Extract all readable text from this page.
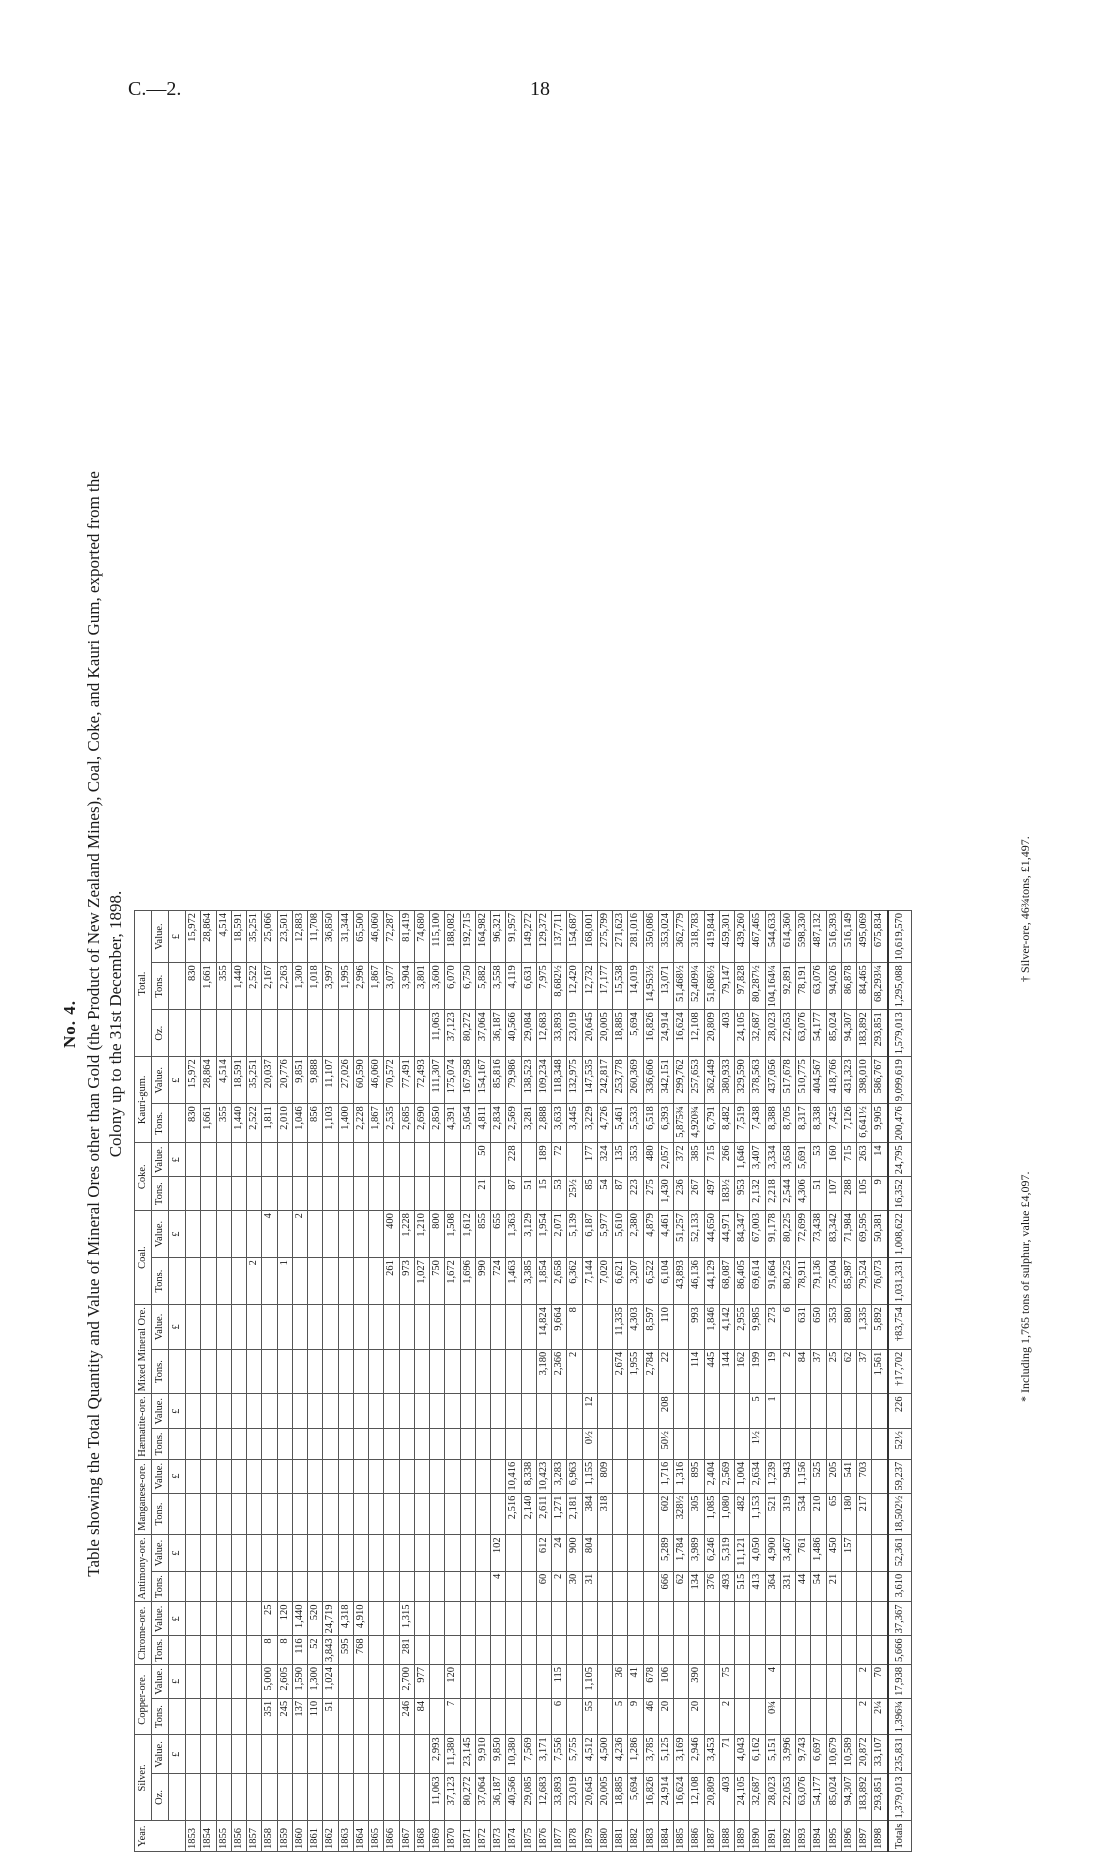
C.—2.	18
No. 4. Table showing the Total Quantity and Value of Mineral Ores other than Gold (the Product of New Zealand Mines), Coal, Coke, and Kauri Gum, exported from the Colony up to the 31st December, 1898.
Year.	Silver.		Copper-ore.		Chrome-ore.		Antimony-ore.		Manganese-ore.		Hæmatite-ore.		Mixed Mineral Ore.		Coal.		Coke.		Kauri-gum.		Total.		
	Oz.	Value.	Tons.	Value.	Tons.	Value.	Tons.	Value.	Tons.	Value.	Tons.	Value.	Tons.	Value.	Tons.	Value.	Tons.	Value.	Tons.	Value.	Oz.	Tons.	Value.
		£		£		£		£		£		£		£		£		£		£			£
1853																			830	15,972		830	15,972
1854																			1,661	28,864		1,661	28,864
1855																			355	4,514		355	4,514
1856																			1,440	18,591		1,440	18,591
1857															2				2,522	35,251		2,522	35,251
1858			351	5,000	8	25										4			1,811	20,037		2,167	25,066
1859			245	2,605	8	120									1				2,010	20,776		2,263	23,501
1860			137	1,590	116	1,440										2			1,046	9,851		1,300	12,883
1861			110	1,300	52	520													856	9,888		1,018	11,708
1862			51	1,024	3,843	24,719													1,103	11,107		3,997	36,850
1863					595	4,318													1,400	27,026		1,995	31,344
1864					768	4,910													2,228	60,590		2,996	65,500
1865																			1,867	46,060		1,867	46,060
1866															261	400			2,535	70,572		3,077	72,287
1867			246	2,700	281	1,315									973	1,228			2,685	77,491		3,904	81,419
1868			84	977											1,027	1,210			2,690	72,493		3,801	74,680
1869	11,063	2,993													750	800			2,850	111,307	11,063	3,600	115,100
1870	37,123	11,380	7	120											1,672	1,508			4,391	175,074	37,123	6,070	188,082
1871	80,272	23,145													1,696	1,612			5,054	167,958	80,272	6,750	192,715
1872	37,064	9,910													990	855	21	50	4,811	154,167	37,064	5,882	164,982
1873	36,187	9,850					4	102							724	655			2,834	85,816	36,187	3,558	96,321
1874	40,566	10,380							2,516	10,416					1,463	1,363	87	228	2,569	79,986	40,566	4,119	91,957
1875	29,085	7,569							2,140	8,338					3,385	3,129	51		3,281	138,523	29,084	6,631	149,272
1876	12,683	3,171					60	612	2,611	10,423			3,180	14,824	1,854	1,954	15	189	2,888	109,234	12,683	7,975	129,372
1877	33,893	7,556	6	115			2	24	1,271	3,283			2,366	9,664	2,658	2,071	53	72	3,633	118,348	33,893	8,682½	137,711
1878	23,019	5,755					30	900	2,181	6,963			2	8	6,362	5,139	25½		3,445	132,975	23,019	12,420	154,687
1879	20,645	4,512	55	1,105			31	804	384	1,155	0½	12			7,144	6,187	85	177	3,229	147,535	20,645	12,732	168,001
1880	20,005	4,500							318	809					7,020	5,977	54	324	4,726	242,817	20,005	17,177	275,799
1881	18,885	4,236	5	36									2,674	11,335	6,621	5,610	87	135	5,461	253,778	18,885	15,538	271,623
1882	5,694	1,286	9	41									1,955	4,303	3,207	2,380	223	353	5,533	260,369	5,694	14,019	281,016
1883	16,826	3,785	46	678									2,784	8,597	6,522	4,879	275	480	6,518	336,606	16,826	14,953½	350,086
1884	24,914	5,125	20	106			666	5,289	602	1,716	50½	208	22	110	6,104	4,461	1,430	2,057	6,393	342,151	24,914	13,071	353,024
1885	16,624	3,169					62	1,784	328½	1,316					43,893	51,257	236	372	5,875¾	299,762	16,624	51,468½	362,779
1886	12,108	2,946	20	390			134	3,989	305	895			114	993	46,136	52,133	267	385	4,920¾	257,653	12,108	52,409¼	318,783
1887	20,809	3,453					376	6,246	1,085	2,404			445	1,846	44,129	44,650	497	715	6,791	362,449	20,809	51,686½	419,844
1888	403	71	2	75			493	5,319	1,080	2,569			144	4,142	68,087	44,971	183½	266	8,482	380,933	403	79,147	459,301
1889	24,105	4,043					515	11,121	482	1,004			162	2,955	86,405	84,347	953	1,646	7,519	329,590	24,105	97,828	439,260
1890	32,687	6,162					413	4,050	1,153	2,634	1½	5	199	9,985	69,614	67,003	2,132	3,407	7,438	378,563	32,687	80,287½	467,465
1891	28,023	5,151	0¾	4			364	4,900	521	1,239		1	19	273	91,664	91,178	2,218	3,334	8,388	437,056	28,023	104,164¼	544,633
1892	22,053	3,996					331	3,467	319	943			2	6	80,225	80,225	2,544	3,658	8,705	517,678	22,053	92,891	614,360
1893	63,076	9,743					44	761	534	1,156			84	631	78,911	72,699	4,306	5,691	8,317	510,775	63,076	78,191	598,330
1894	54,177	6,697					54	1,486	210	525			37	650	79,136	73,438	51	53	8,338	404,567	54,177	63,076	487,132
1895	85,024	10,679					21	450	65	205			25	353	75,004	83,342	107	160	7,425	418,766	85,024	94,026	516,393
1896	94,307	10,589						157	180	541			62	880	85,987	71,984	288	715	7,126	431,323	94,307	86,878	516,149
1897	183,892	20,872	2	2					217	703			37	1,335	79,524	69,595	105	263	6,641½	398,010	183,892	84,465	495,069
1898	293,851	33,107	2¼	70									1,561	5,892	76,073	50,381	9	14	9,905	586,767	293,851	68,293¼	675,834
Totals	1,379,013	235,831	1,396¾	17,938	5,666	37,367	3,610	52,361	18,502½	59,237	52½	226	†17,702	†83,754	1,031,331	1,008,622	16,352	24,795	200,476	9,099,619	1,579,013	1,295,088	10,619,570
* Including 1,765 tons of sulphur, value £4,097.
† Silver-ore, 46¾tons, £1,497.
